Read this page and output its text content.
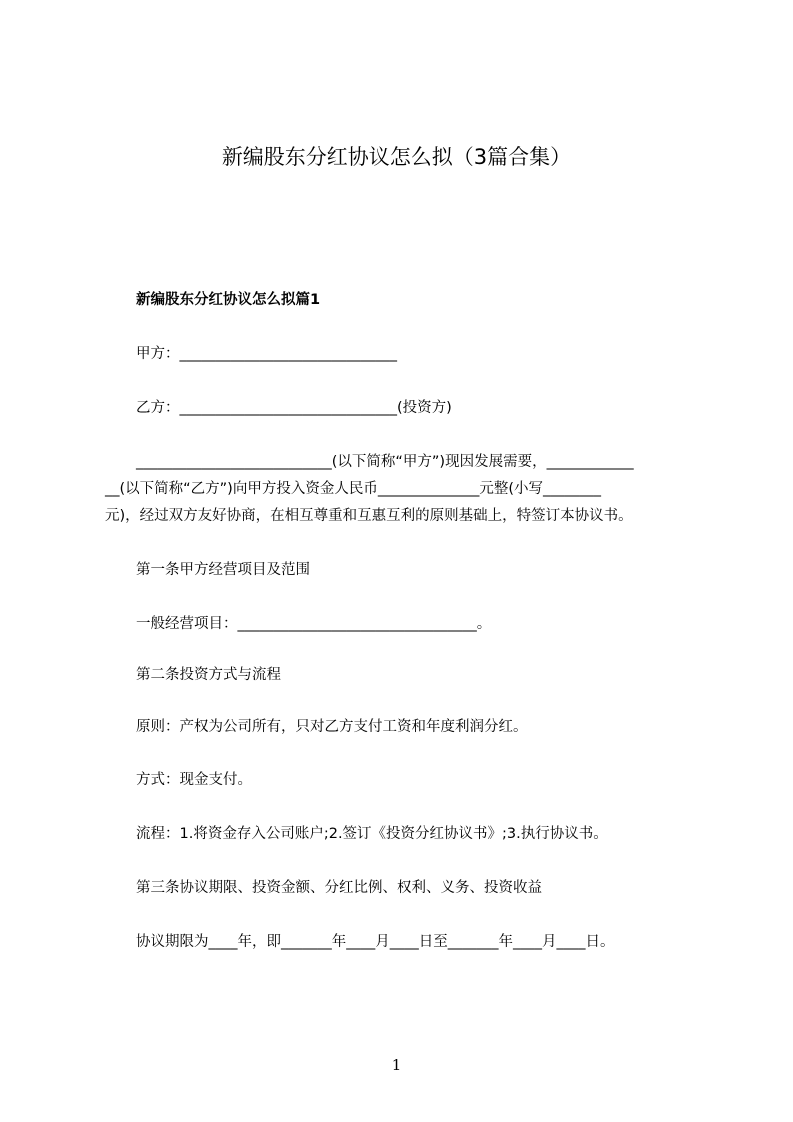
新编股东分红协议怎么拟（3篇合集）
新编股东分红协议怎么拟篇1
甲方：______________________________
乙方：______________________________(投资方)
___________________________(以下简称“甲方”)现因发展需要，____________
__(以下简称“乙方”)向甲方投入资金人民币______________元整(小写________
元)，经过双方友好协商，在相互尊重和互惠互利的原则基础上，特签订本协议书。
第一条甲方经营项目及范围
一般经营项目：_________________________________。
第二条投资方式与流程
原则：产权为公司所有，只对乙方支付工资和年度利润分红。
方式：现金支付。
流程：1.将资金存入公司账户;2.签订《投资分红协议书》;3.执行协议书。
第三条协议期限、投资金额、分红比例、权利、义务、投资收益
协议期限为____年，即_______年____月____日至_______年____月____日。
1
